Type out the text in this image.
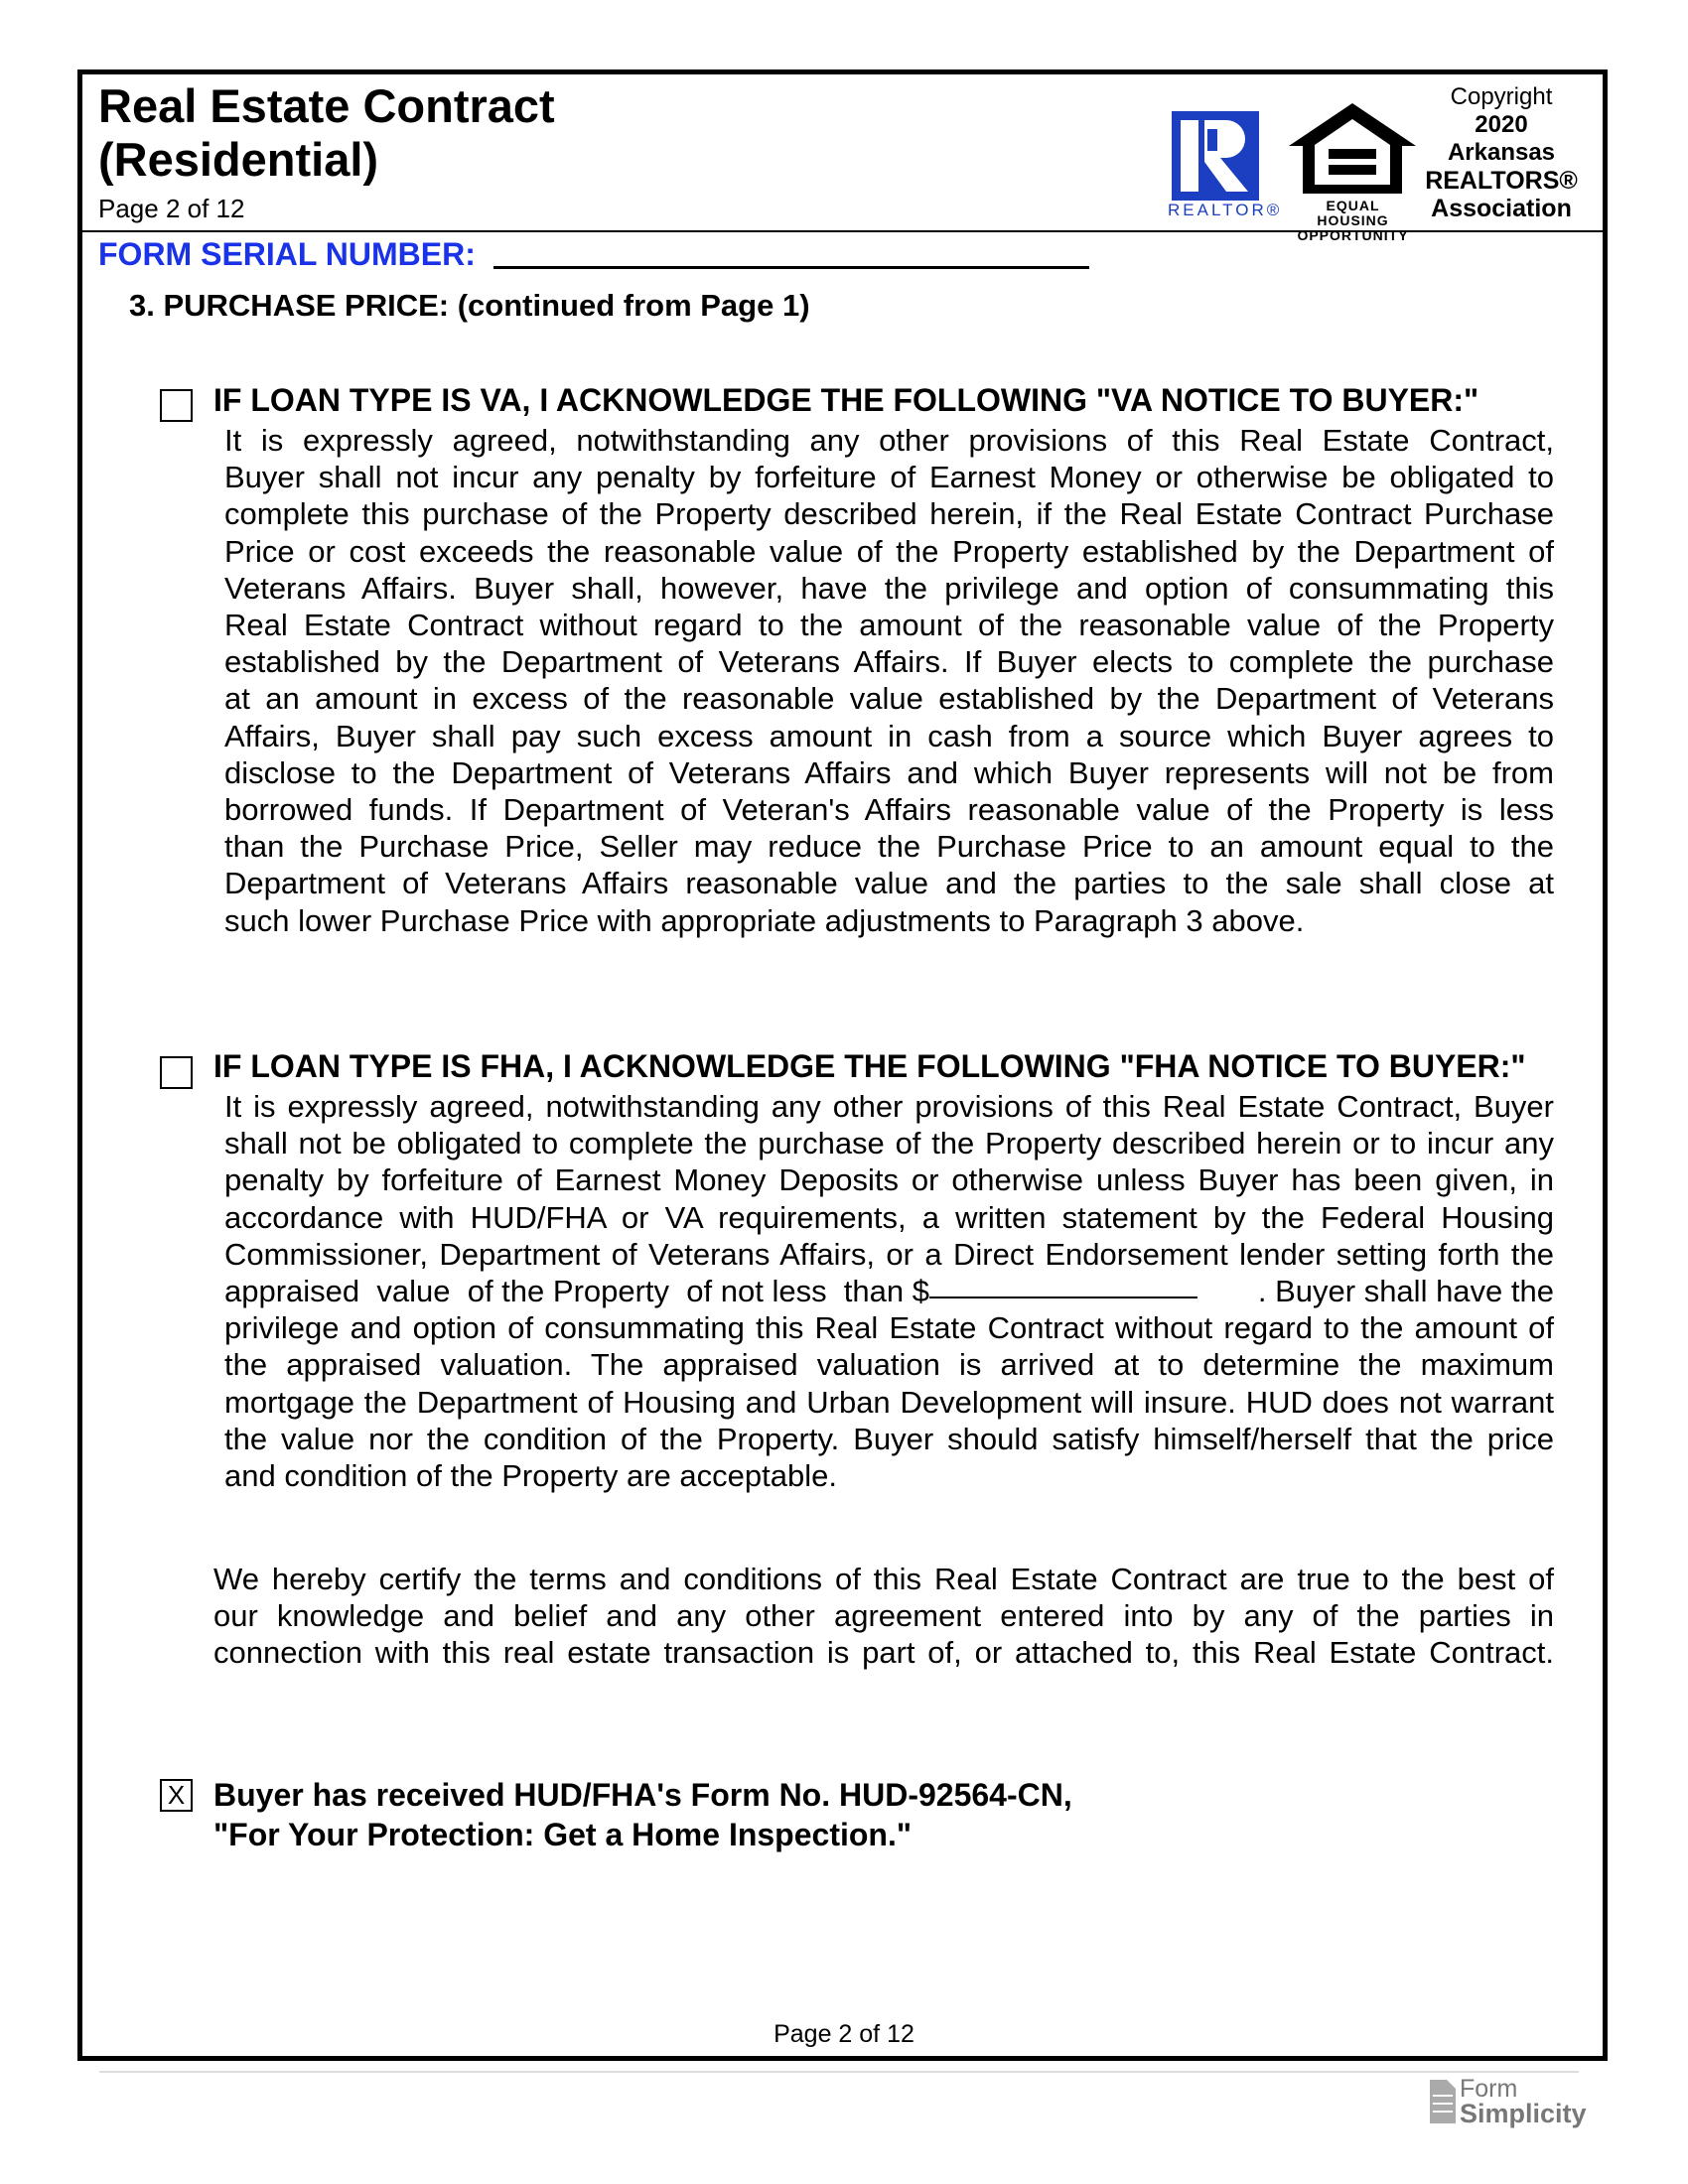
Real Estate Contract
(Residential)
Page 2 of 12	REALTOR®	EQUAL HOUSING
OPPORTUNITY
Copyright
2020
Arkansas
REALTORS®
Association
FORM SERIAL NUMBER:
3. PURCHASE PRICE: (continued from Page 1)
IF LOAN TYPE IS VA, I ACKNOWLEDGE THE FOLLOWING "VA NOTICE TO BUYER:"
It is expressly agreed, notwithstanding any other provisions of this Real Estate Contract,
Buyer shall not incur any penalty by forfeiture of Earnest Money or otherwise be obligated to
complete this purchase of the Property described herein, if the Real Estate Contract Purchase
Price or cost exceeds the reasonable value of the Property established by the Department of
Veterans Affairs. Buyer shall, however, have the privilege and option of consummating this
Real Estate Contract without regard to the amount of the reasonable value of the Property
established by the Department of Veterans Affairs. If Buyer elects to complete the purchase
at an amount in excess of the reasonable value established by the Department of Veterans
Affairs, Buyer shall pay such excess amount in cash from a source which Buyer agrees to
disclose to the Department of Veterans Affairs and which Buyer represents will not be from
borrowed funds. If Department of Veteran's Affairs reasonable value of the Property is less
than the Purchase Price, Seller may reduce the Purchase Price to an amount equal to the
Department of Veterans Affairs reasonable value and the parties to the sale shall close at
such lower Purchase Price with appropriate adjustments to Paragraph 3 above.
IF LOAN TYPE IS FHA, I ACKNOWLEDGE THE FOLLOWING "FHA NOTICE TO BUYER:"
It is expressly agreed, notwithstanding any other provisions of this Real Estate Contract, Buyer
shall not be obligated to complete the purchase of the Property described herein or to incur any
penalty by forfeiture of Earnest Money Deposits or otherwise unless Buyer has been given, in
accordance with HUD/FHA or VA requirements, a written statement by the Federal Housing
Commissioner, Department of Veterans Affairs, or a Direct Endorsement lender setting forth the
appraised  value  of the Property  of not less  than $	. Buyer shall have the
privilege and option of consummating this Real Estate Contract without regard to the amount of
the appraised valuation. The appraised valuation is arrived at to determine the maximum
mortgage the Department of Housing and Urban Development will insure. HUD does not warrant
the value nor the condition of the Property. Buyer should satisfy himself/herself that the price
and condition of the Property are acceptable.
We hereby certify the terms and conditions of this Real Estate Contract are true to the best of
our knowledge and belief and any other agreement entered into by any of the parties in
connection with this real estate transaction is part of, or attached to, this Real Estate Contract.
X Buyer has received HUD/FHA's Form No. HUD-92564-CN,
"For Your Protection: Get a Home Inspection."
Page 2 of 12
Form
Simplicity
